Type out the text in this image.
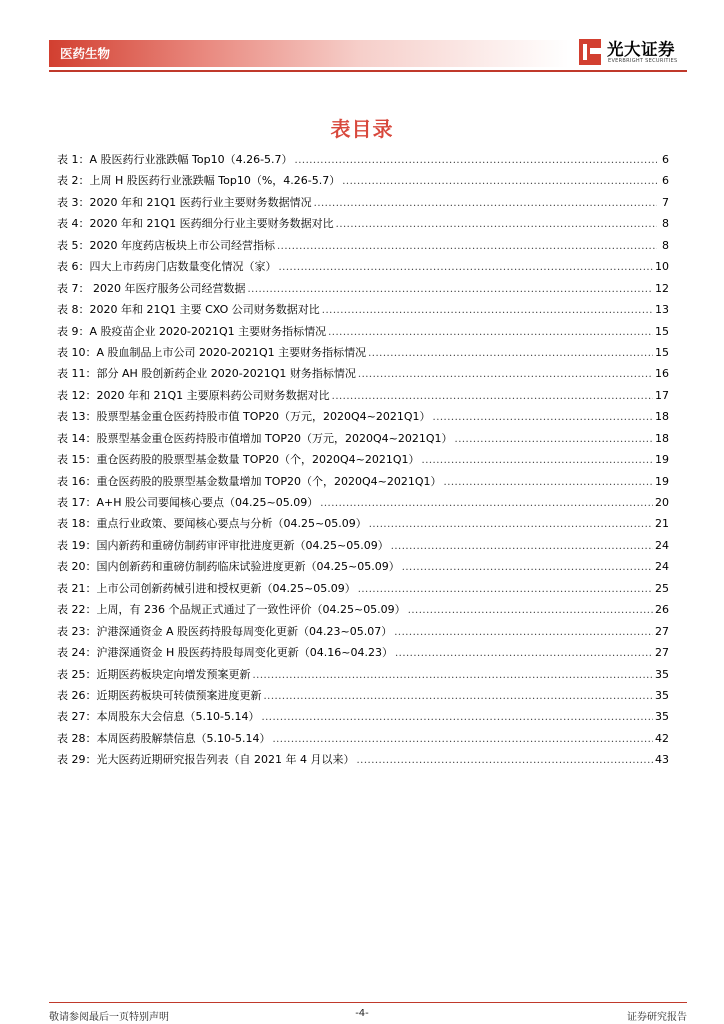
医药生物	光大证券
EVERBRIGHT SECURITIES
表目录
表 1：A 股医药行业涨跌幅 Top10（4.26-5.7） .....	6
表 2：上周 H 股医药行业涨跌幅 Top10（%，4.26-5.7） .....	6
表 3：2020 年和 21Q1 医药行业主要财务数据情况 .....	7
表 4：2020 年和 21Q1 医药细分行业主要财务数据对比 .....	8
表 5：2020 年度药店板块上市公司经营指标 .....	8
表 6：四大上市药房门店数量变化情况（家） .....	10
表 7： 2020 年医疗服务公司经营数据 .....	12
表 8：2020 年和 21Q1 主要 CXO 公司财务数据对比 .....	13
表 9：A 股疫苗企业 2020-2021Q1 主要财务指标情况 .....	15
表 10：A 股血制品上市公司 2020-2021Q1 主要财务指标情况 .....	15
表 11：部分 AH 股创新药企业 2020-2021Q1 财务指标情况 .....	16
表 12：2020 年和 21Q1 主要原料药公司财务数据对比 .....	17
表 13：股票型基金重仓医药持股市值 TOP20（万元，2020Q4~2021Q1） .....	18
表 14：股票型基金重仓医药持股市值增加 TOP20（万元，2020Q4~2021Q1） .....	18
表 15：重仓医药股的股票型基金数量 TOP20（个，2020Q4~2021Q1） .....	19
表 16：重仓医药股的股票型基金数量增加 TOP20（个，2020Q4~2021Q1） .....	19
表 17：A+H 股公司要闻核心要点（04.25~05.09） .....	20
表 18：重点行业政策、要闻核心要点与分析（04.25~05.09） .....	21
表 19：国内新药和重磅仿制药审评审批进度更新（04.25~05.09） .....	24
表 20：国内创新药和重磅仿制药临床试验进度更新（04.25~05.09） .....	24
表 21：上市公司创新药械引进和授权更新（04.25~05.09） .....	25
表 22：上周，有 236 个品规正式通过了一致性评价（04.25~05.09） .....	26
表 23：沪港深通资金 A 股医药持股每周变化更新（04.23~05.07） .....	27
表 24：沪港深通资金 H 股医药持股每周变化更新（04.16~04.23） .....	27
表 25：近期医药板块定向增发预案更新 .....	35
表 26：近期医药板块可转债预案进度更新 .....	35
表 27：本周股东大会信息（5.10-5.14） .....	35
表 28：本周医药股解禁信息（5.10-5.14） .....	42
表 29：光大医药近期研究报告列表（自 2021 年 4 月以来） .....	43
敬请参阅最后一页特别声明	-4-	证券研究报告
